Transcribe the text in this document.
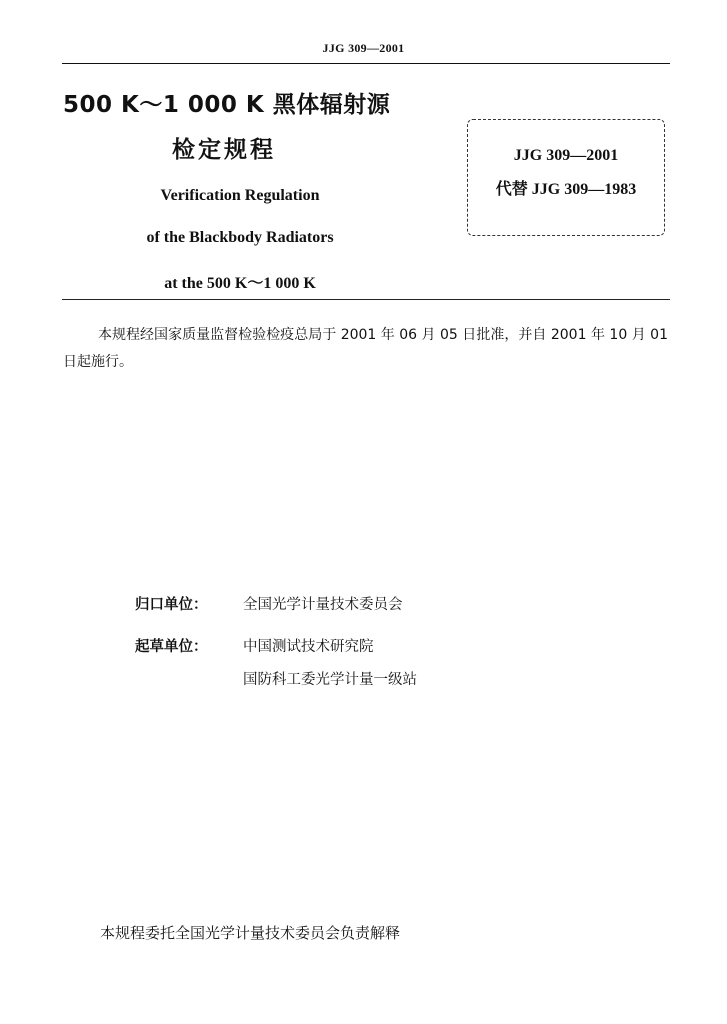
JJG 309—2001
500 K～1 000 K 黑体辐射源
检定规程
Verification Regulation
of the Blackbody Radiators
at the 500 K～1 000 K
JJG 309—2001
代替 JJG 309—1983
本规程经国家质量监督检验检疫总局于 2001 年 06 月 05 日批准，并自 2001 年 10 月 01 日起施行。
归口单位： 全国光学计量技术委员会
起草单位： 中国测试技术研究院
国防科工委光学计量一级站
本规程委托全国光学计量技术委员会负责解释
